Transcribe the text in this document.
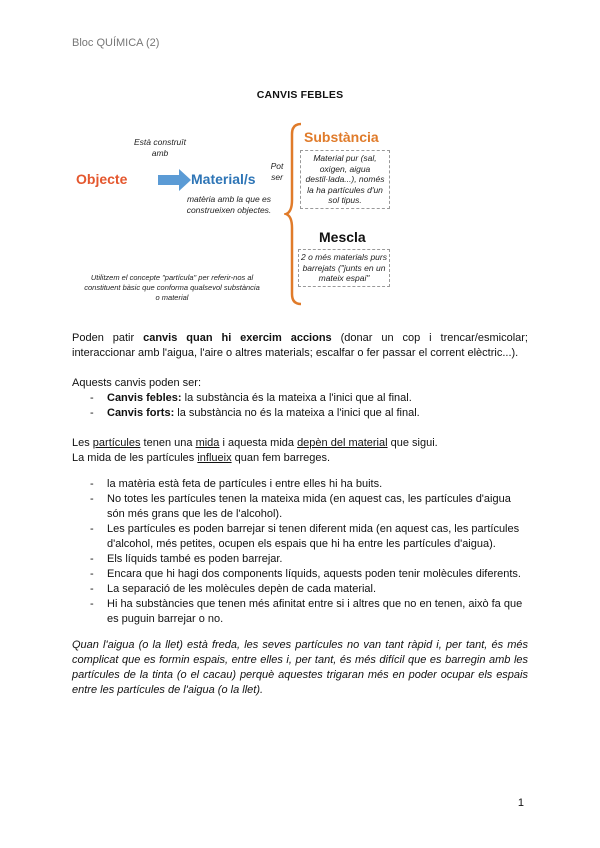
Bloc QUÍMICA (2)
CANVIS FEBLES
Objecte
Està construït amb
Material/s
matèria amb la que es construeixen objectes.
Pot ser
Substància
Material pur (sal, oxigen, aigua destil·lada...), només la ha partícules d'un sol tipus.
Mescla
2 o més materials purs barrejats ("junts en un mateix espai"
Utilitzem el concepte "partícula" per referir-nos al constituent bàsic que conforma qualsevol substància o material

Poden patir canvis quan hi exercim accions (donar un cop i trencar/esmicolar; interaccionar amb l'aigua, l'aire o altres materials; escalfar o fer passar el corrent elèctric...).

Aquests canvis poden ser:

- Canvis febles: la substància és la mateixa a l'inici que al final.
- Canvis forts: la substància no és la mateixa a l'inici que al final.

Les partícules tenen una mida i aquesta mida depèn del material que sigui.
La mida de les partícules influeix quan fem barreges.

- la matèria està feta de partícules i entre elles hi ha buits.
- No totes les partícules tenen la mateixa mida (en aquest cas, les partícules d'aigua són més grans que les de l'alcohol).
- Les partícules es poden barrejar si tenen diferent mida (en aquest cas, les partícules d'alcohol, més petites, ocupen els espais que hi ha entre les partícules d'aigua).
- Els líquids també es poden barrejar.
- Encara que hi hagi dos components líquids, aquests poden tenir molècules diferents.
- La separació de les molècules depèn de cada material.
- Hi ha substàncies que tenen més afinitat entre si i altres que no en tenen, això fa que es puguin barrejar o no.

Quan l'aigua (o la llet) està freda, les seves partícules no van tant ràpid i, per tant, és més complicat que es formin espais, entre elles i, per tant, és més difícil que es barregin amb les partícules de la tinta (o el cacau) perquè aquestes trigaran més en poder ocupar els espais entre les partícules de l'aigua (o la llet).

1
